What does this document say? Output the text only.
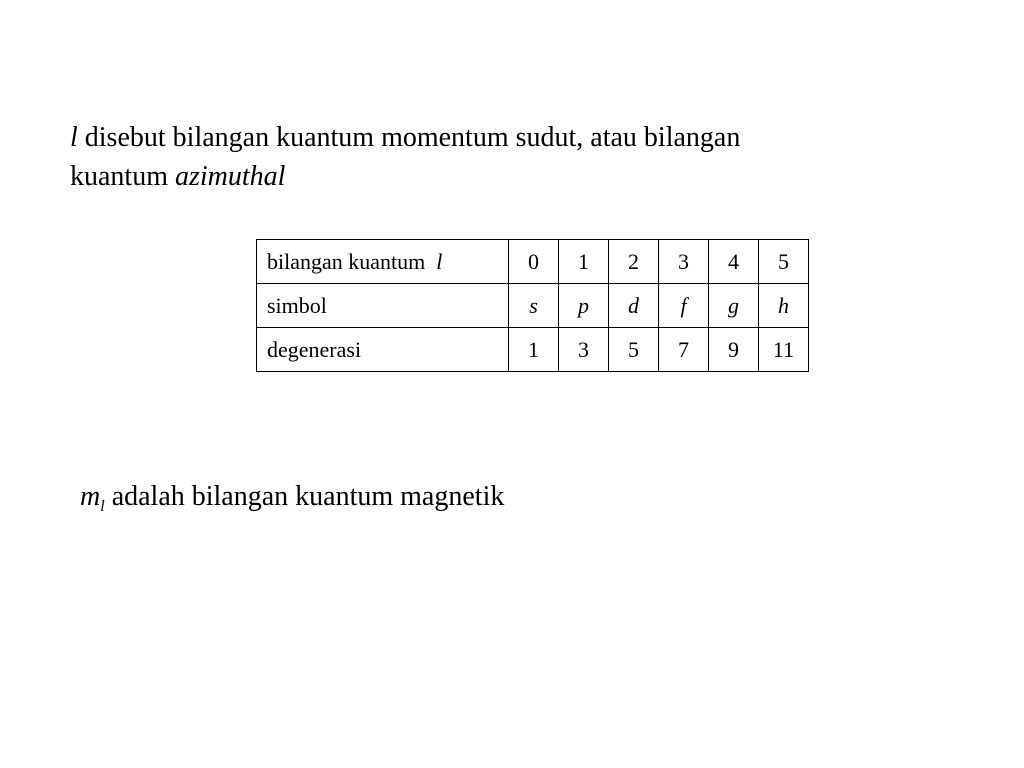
l disebut bilangan kuantum momentum sudut, atau bilangan
kuantum azimuthal
bilangan kuantum l	0	1	2	3	4	5
simbol	s	p	d	f	g	h
degenerasi	1	3	5	7	9	11
$m_l$ adalah bilangan kuantum magnetik
